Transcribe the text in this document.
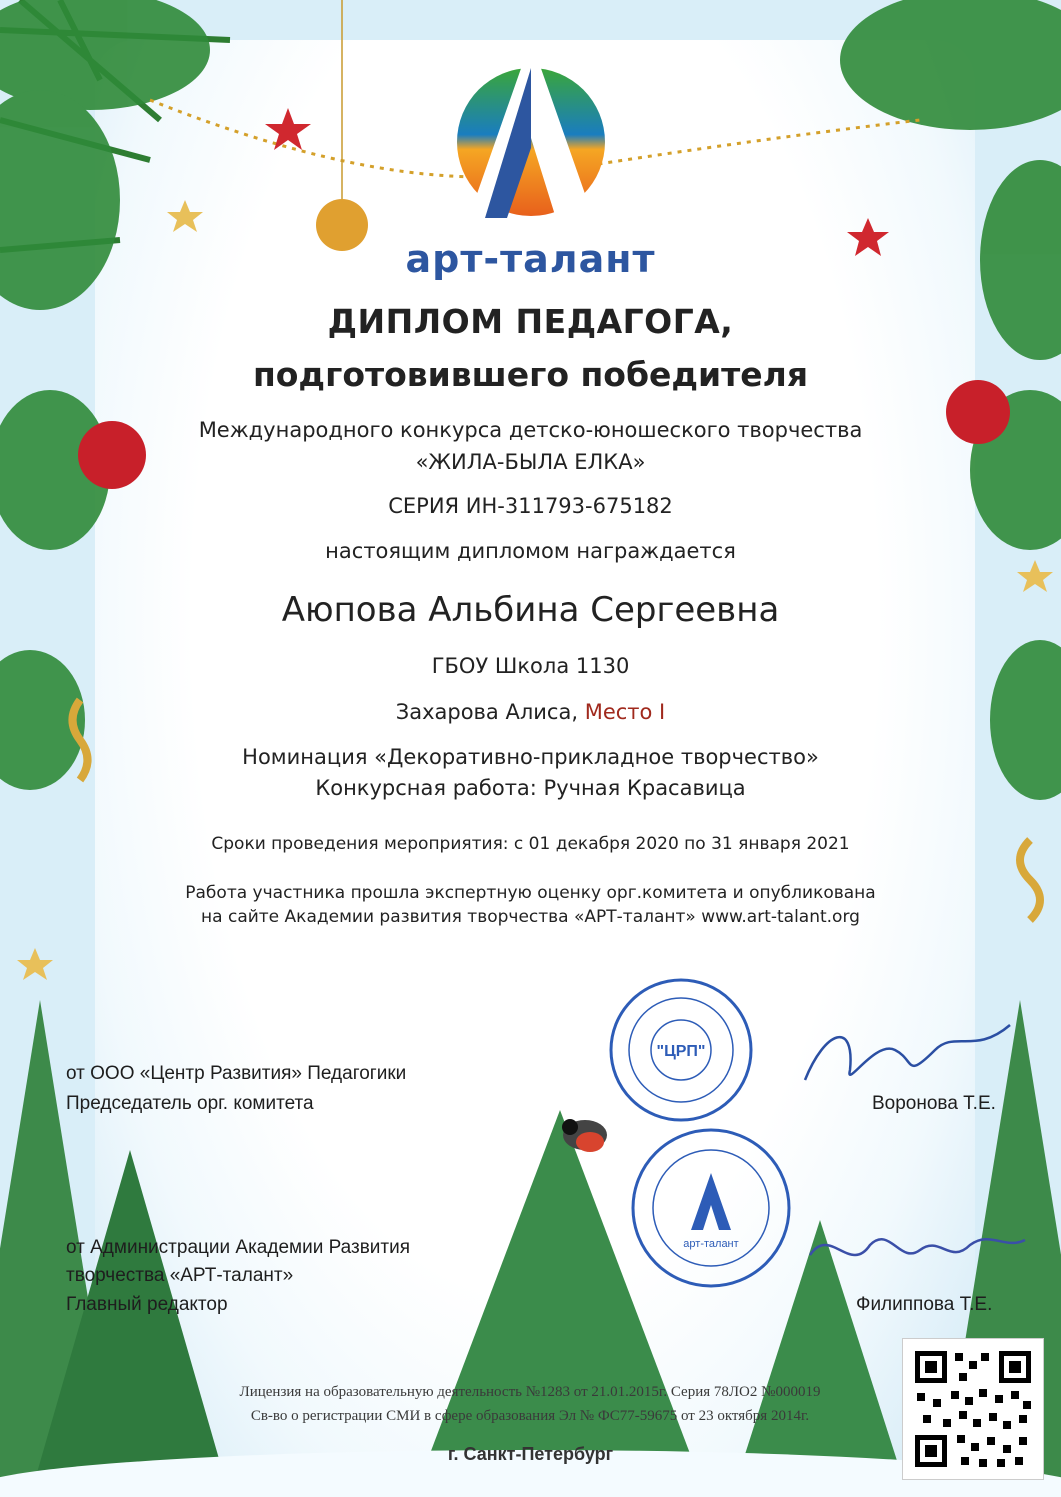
арт-талант
ДИПЛОМ ПЕДАГОГА,
подготовившего победителя
Международного конкурса детско-юношеского творчества
«ЖИЛА-БЫЛА ЕЛКА»
СЕРИЯ ИН-311793-675182
настоящим дипломом награждается
Аюпова Альбина Сергеевна
ГБОУ Школа 1130
Захарова Алиса, Место I
Номинация «Декоративно-прикладное творчество»
Конкурсная работа: Ручная Красавица
Сроки проведения мероприятия: с 01 декабря 2020 по 31 января 2021
Работа участника прошла экспертную оценку орг.комитета и опубликована
на сайте Академии развития творчества «АРТ-талант» www.art-talant.org
от ООО «Центр Развития» Педагогики
Председатель орг. комитета	Воронова Т.Е.
"ЦРП"
от Администрации Академии Развития
творчества «АРТ-талант»
Главный редактор	Филиппова Т.Е.
арт-талант
Лицензия на образовательную деятельность №1283 от 21.01.2015г. Серия 78ЛО2 №000019
Св-во о регистрации СМИ в сфере образования Эл № ФС77-59675 от 23 октября 2014г.
г. Санкт-Петербург
